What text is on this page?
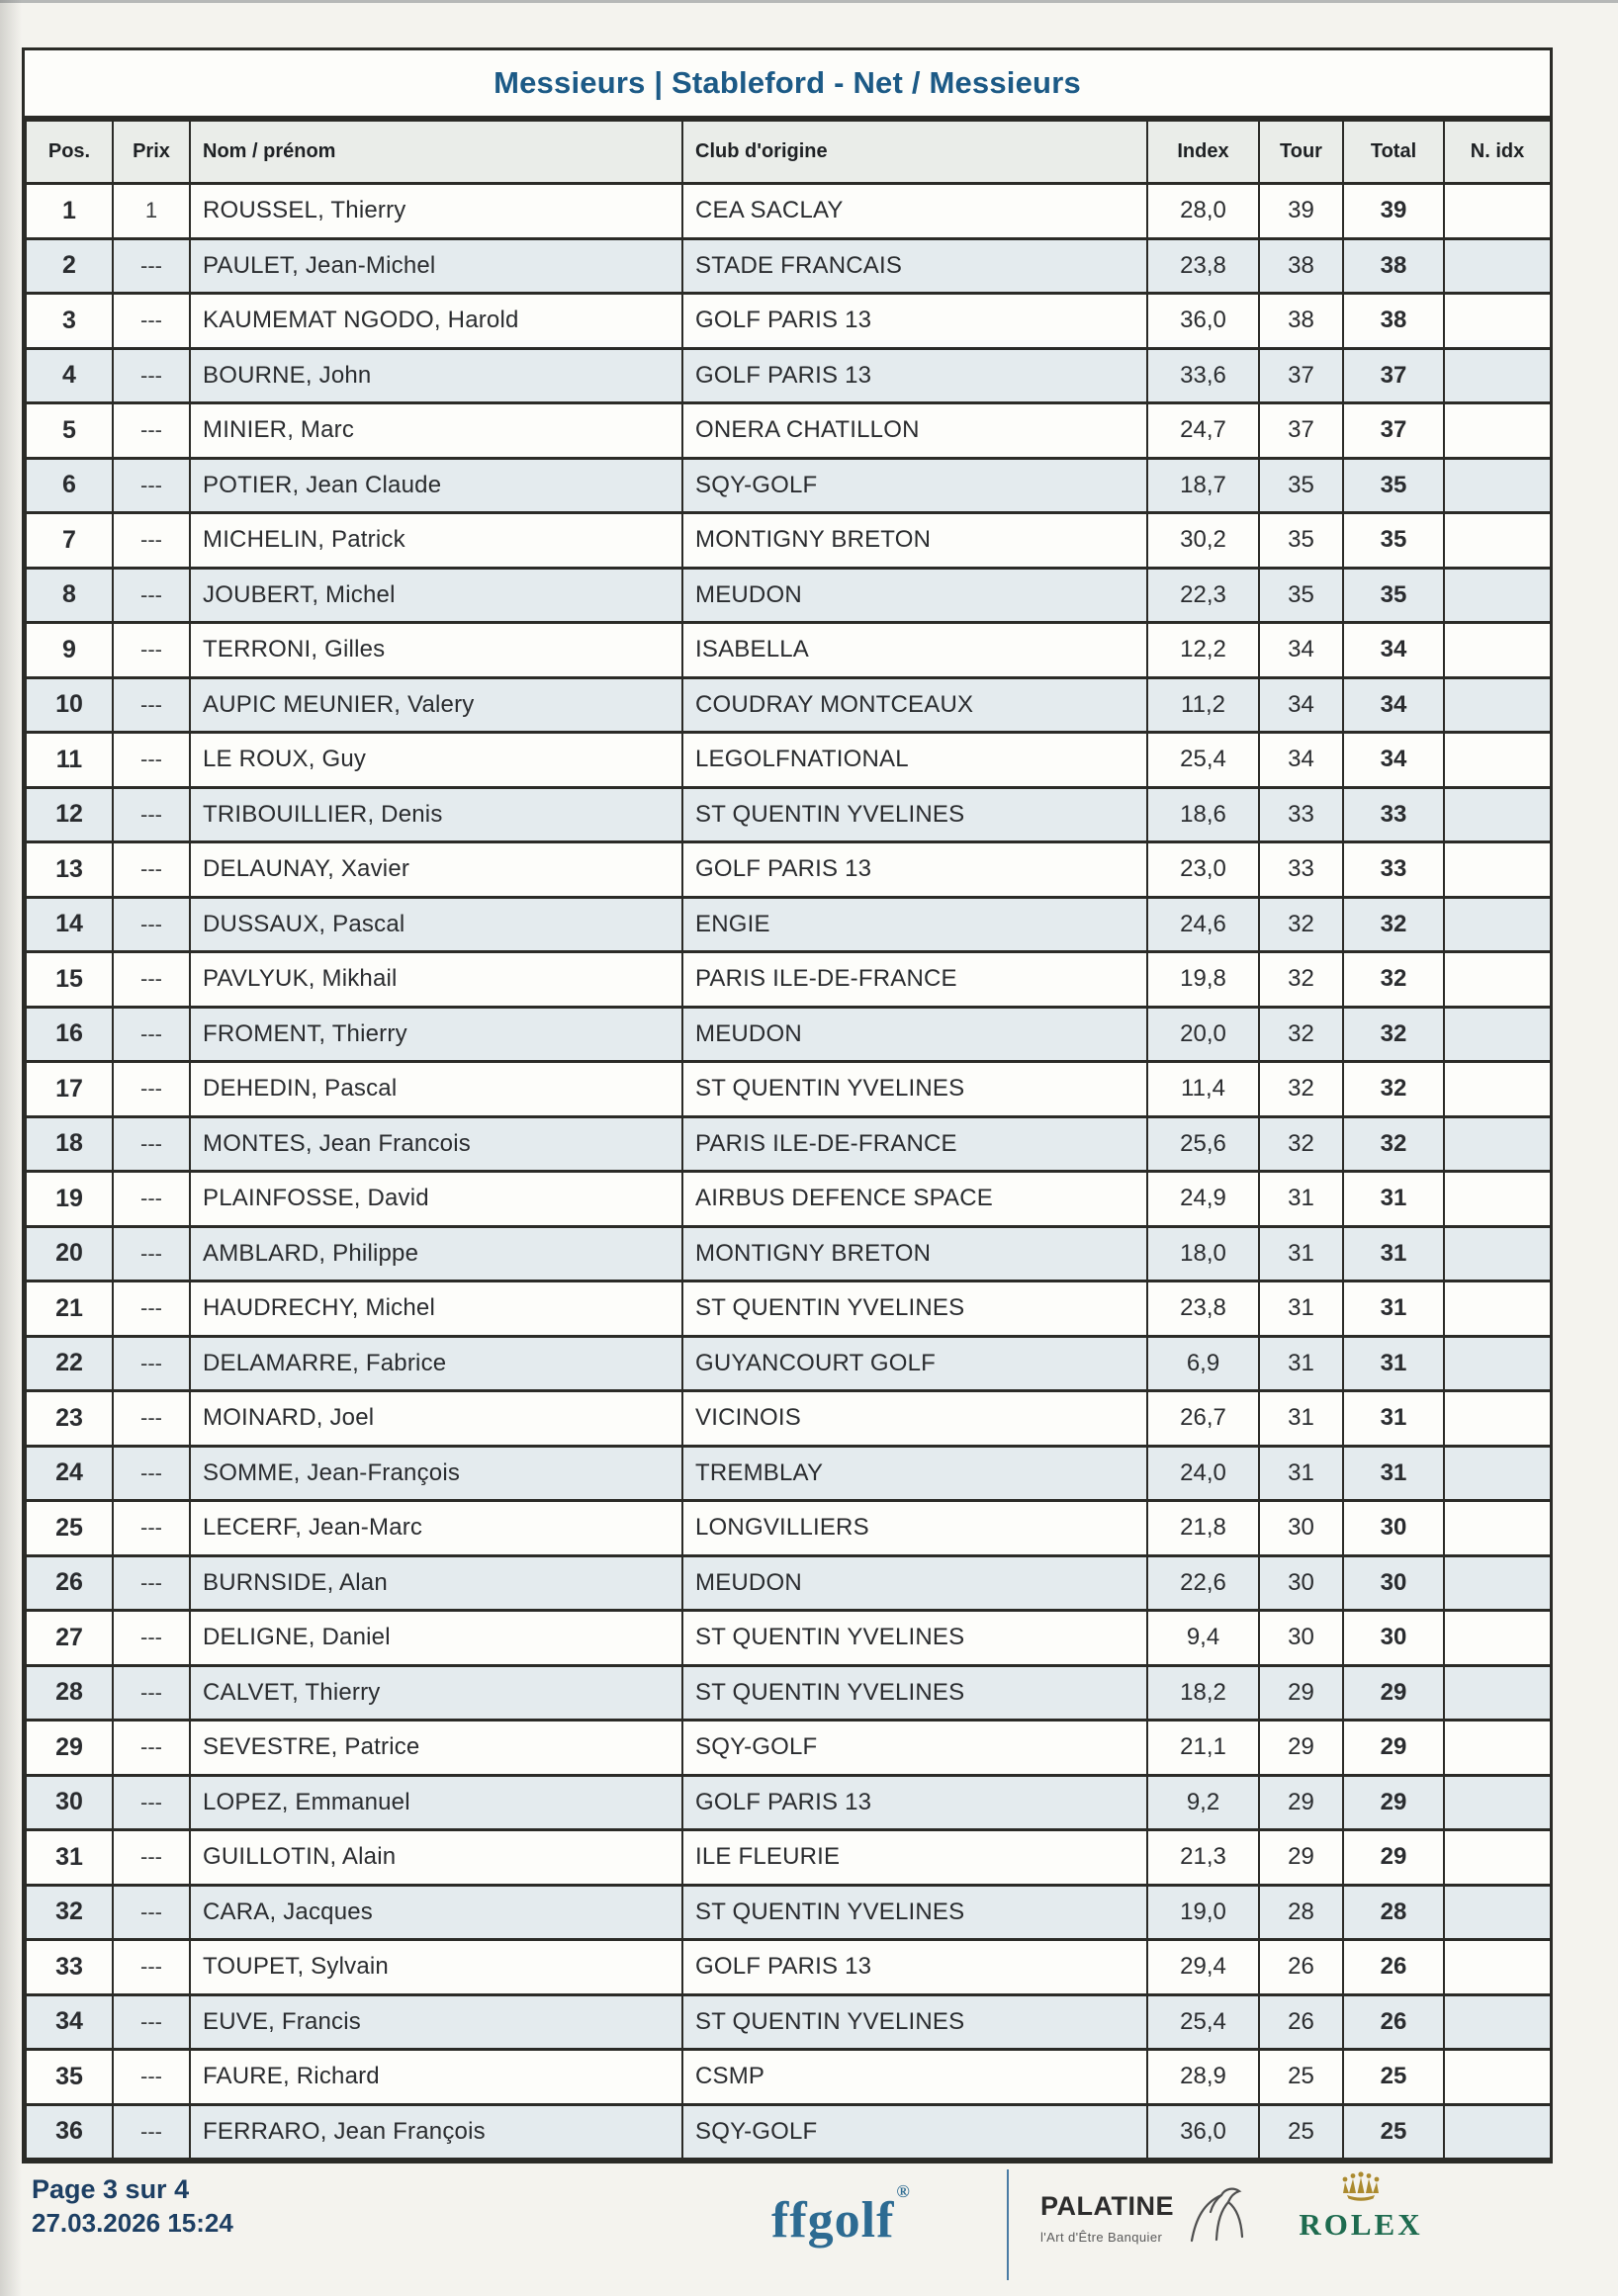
Messieurs | Stableford - Net / Messieurs
Pos.	Prix	Nom / prénom	Club d'origine	Index	Tour	Total	N. idx
1	1	ROUSSEL, Thierry	CEA SACLAY	28,0	39	39	
2	---	PAULET, Jean-Michel	STADE FRANCAIS	23,8	38	38	
3	---	KAUMEMAT NGODO, Harold	GOLF PARIS 13	36,0	38	38	
4	---	BOURNE, John	GOLF PARIS 13	33,6	37	37	
5	---	MINIER, Marc	ONERA CHATILLON	24,7	37	37	
6	---	POTIER, Jean Claude	SQY-GOLF	18,7	35	35	
7	---	MICHELIN, Patrick	MONTIGNY BRETON	30,2	35	35	
8	---	JOUBERT, Michel	MEUDON	22,3	35	35	
9	---	TERRONI, Gilles	ISABELLA	12,2	34	34	
10	---	AUPIC MEUNIER, Valery	COUDRAY MONTCEAUX	11,2	34	34	
11	---	LE ROUX, Guy	LEGOLFNATIONAL	25,4	34	34	
12	---	TRIBOUILLIER, Denis	ST QUENTIN YVELINES	18,6	33	33	
13	---	DELAUNAY, Xavier	GOLF PARIS 13	23,0	33	33	
14	---	DUSSAUX, Pascal	ENGIE	24,6	32	32	
15	---	PAVLYUK, Mikhail	PARIS ILE-DE-FRANCE	19,8	32	32	
16	---	FROMENT, Thierry	MEUDON	20,0	32	32	
17	---	DEHEDIN, Pascal	ST QUENTIN YVELINES	11,4	32	32	
18	---	MONTES, Jean Francois	PARIS ILE-DE-FRANCE	25,6	32	32	
19	---	PLAINFOSSE, David	AIRBUS DEFENCE SPACE	24,9	31	31	
20	---	AMBLARD, Philippe	MONTIGNY BRETON	18,0	31	31	
21	---	HAUDRECHY, Michel	ST QUENTIN YVELINES	23,8	31	31	
22	---	DELAMARRE, Fabrice	GUYANCOURT GOLF	6,9	31	31	
23	---	MOINARD, Joel	VICINOIS	26,7	31	31	
24	---	SOMME, Jean-François	TREMBLAY	24,0	31	31	
25	---	LECERF, Jean-Marc	LONGVILLIERS	21,8	30	30	
26	---	BURNSIDE, Alan	MEUDON	22,6	30	30	
27	---	DELIGNE, Daniel	ST QUENTIN YVELINES	9,4	30	30	
28	---	CALVET, Thierry	ST QUENTIN YVELINES	18,2	29	29	
29	---	SEVESTRE, Patrice	SQY-GOLF	21,1	29	29	
30	---	LOPEZ, Emmanuel	GOLF PARIS 13	9,2	29	29	
31	---	GUILLOTIN, Alain	ILE FLEURIE	21,3	29	29	
32	---	CARA, Jacques	ST QUENTIN YVELINES	19,0	28	28	
33	---	TOUPET, Sylvain	GOLF PARIS 13	29,4	26	26	
34	---	EUVE, Francis	ST QUENTIN YVELINES	25,4	26	26	
35	---	FAURE, Richard	CSMP	28,9	25	25	
36	---	FERRARO, Jean François	SQY-GOLF	36,0	25	25	
Page 3 sur 4
27.03.2026 15:24	ffgolf®	PALATINE
l'Art d'Être Banquier	ROLEX
